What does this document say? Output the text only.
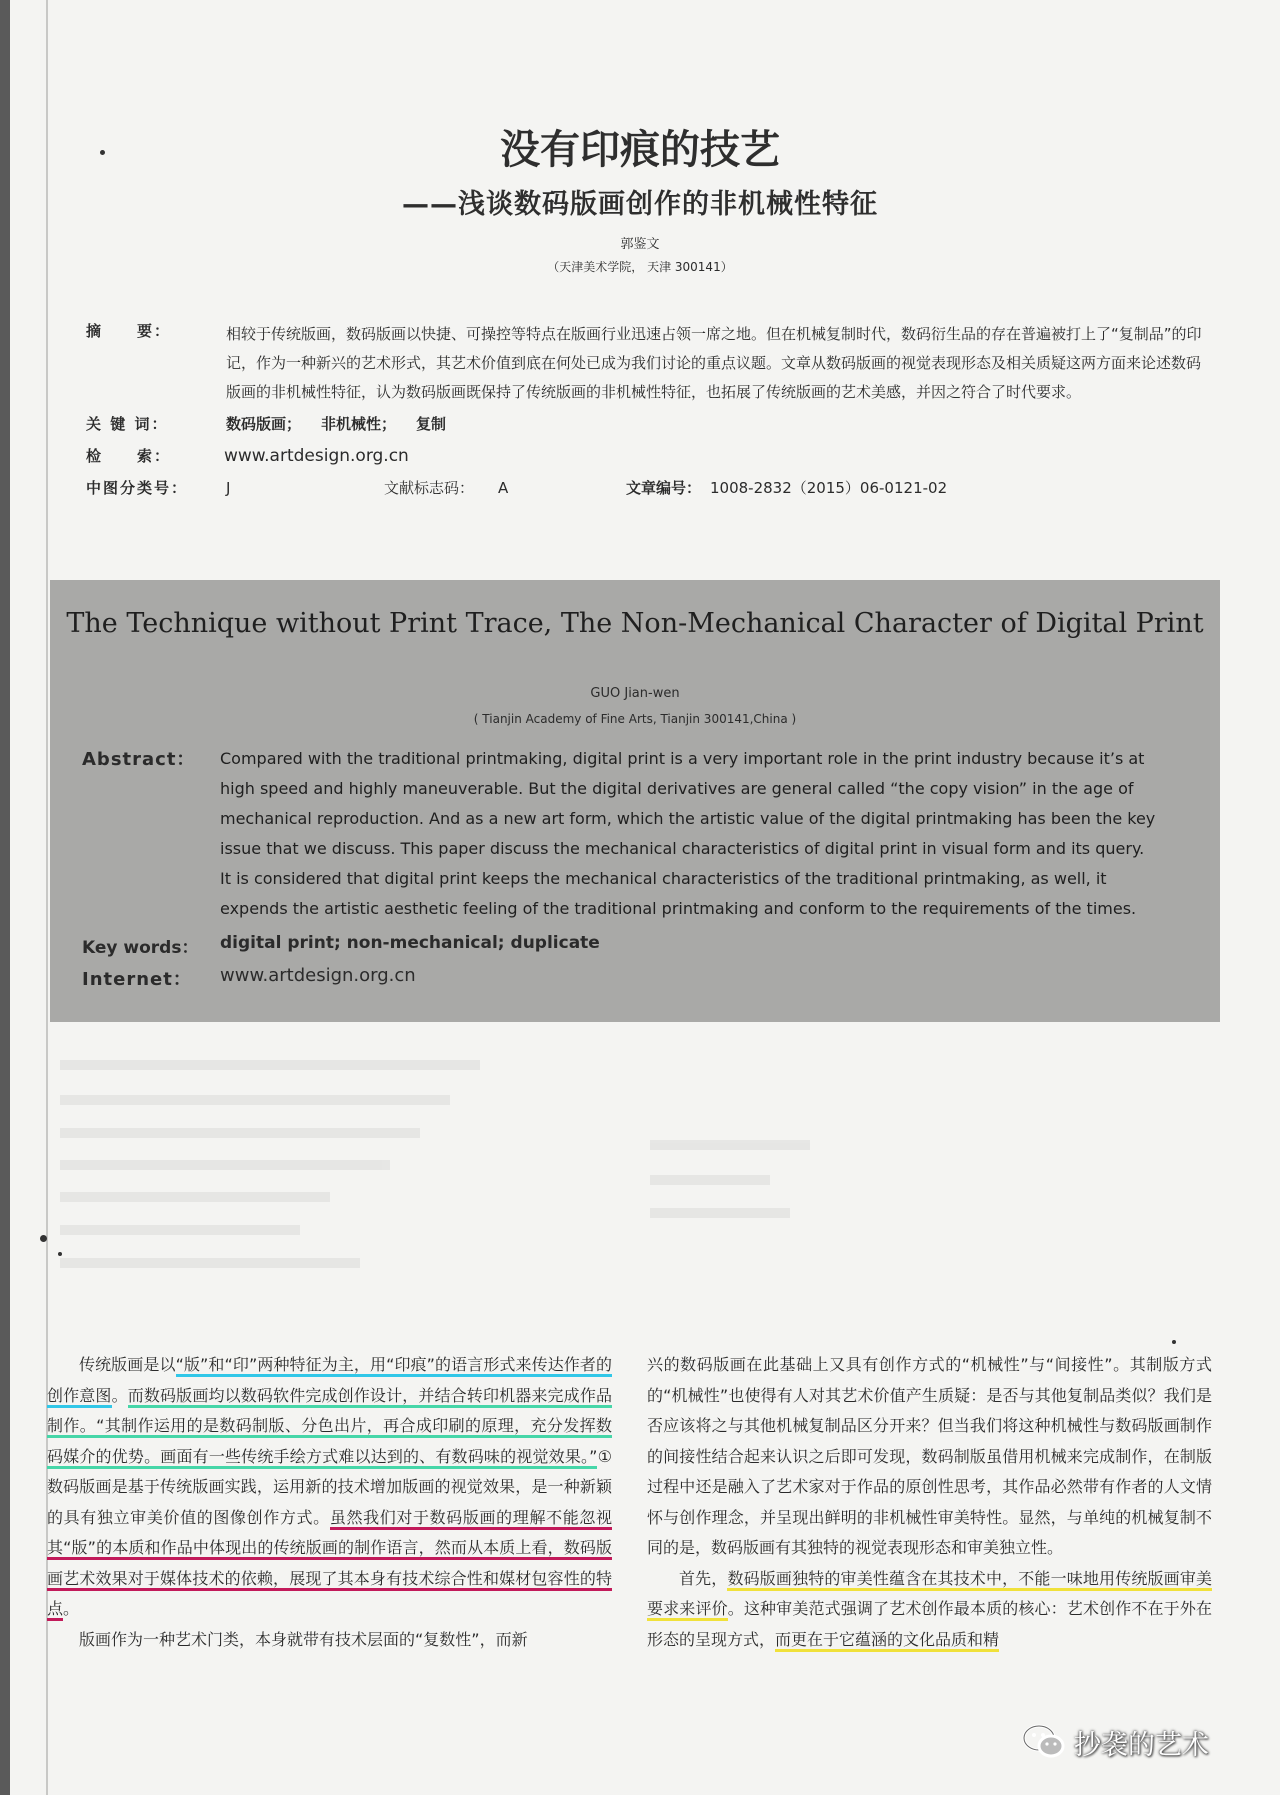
没有印痕的技艺
——浅谈数码版画创作的非机械性特征
郭鉴文
（天津美术学院， 天津 300141）
摘　　要：	相较于传统版画，数码版画以快捷、可操控等特点在版画行业迅速占领一席之地。但在机械复制时代，数码衍生品的存在普遍被打上了“复制品”的印记，作为一种新兴的艺术形式，其艺术价值到底在何处已成为我们讨论的重点议题。文章从数码版画的视觉表现形态及相关质疑这两方面来论述数码版画的非机械性特征，认为数码版画既保持了传统版画的非机械性特征，也拓展了传统版画的艺术美感，并因之符合了时代要求。
关 键 词：	数码版画； 非机械性； 复制
检　　索：	www.artdesign.org.cn
中图分类号：	J	文献标志码： A	文章编号： 1008-2832（2015）06-0121-02
The Technique without Print Trace, The Non-Mechanical Character of Digital Print
GUO Jian-wen
( Tianjin Academy of Fine Arts, Tianjin 300141,China )
Abstract： Compared with the traditional printmaking, digital print is a very important role in the print industry because it’s at high speed and highly maneuverable. But the digital derivatives are general called “the copy vision” in the age of mechanical reproduction. And as a new art form, which the artistic value of the digital printmaking has been the key issue that we discuss. This paper discuss the mechanical characteristics of digital print in visual form and its query. It is considered that digital print keeps the mechanical characteristics of the traditional printmaking, as well, it expends the artistic aesthetic feeling of the traditional printmaking and conform to the requirements of the times.
Key words： digital print; non-mechanical; duplicate
Internet： www.artdesign.org.cn

传统版画是以“版”和“印”两种特征为主，用“印痕”的语言形式来传达作者的创作意图。而数码版画均以数码软件完成创作设计，并结合转印机器来完成作品制作。“其制作运用的是数码制版、分色出片，再合成印刷的原理，充分发挥数码媒介的优势。画面有一些传统手绘方式难以达到的、有数码味的视觉效果。”①数码版画是基于传统版画实践，运用新的技术增加版画的视觉效果，是一种新颖的具有独立审美价值的图像创作方式。虽然我们对于数码版画的理解不能忽视其“版”的本质和作品中体现出的传统版画的制作语言，然而从本质上看，数码版画艺术效果对于媒体技术的依赖，展现了其本身有技术综合性和媒材包容性的特点。

版画作为一种艺术门类，本身就带有技术层面的“复数性”，而新

兴的数码版画在此基础上又具有创作方式的“机械性”与“间接性”。其制版方式的“机械性”也使得有人对其艺术价值产生质疑：是否与其他复制品类似？我们是否应该将之与其他机械复制品区分开来？但当我们将这种机械性与数码版画制作的间接性结合起来认识之后即可发现，数码制版虽借用机械来完成制作，在制版过程中还是融入了艺术家对于作品的原创性思考，其作品必然带有作者的人文情怀与创作理念，并呈现出鲜明的非机械性审美特性。显然，与单纯的机械复制不同的是，数码版画有其独特的视觉表现形态和审美独立性。

首先，数码版画独特的审美性蕴含在其技术中，不能一味地用传统版画审美要求来评价。这种审美范式强调了艺术创作最本质的核心：艺术创作不在于外在形态的呈现方式，而更在于它蕴涵的文化品质和精

抄袭的艺术
